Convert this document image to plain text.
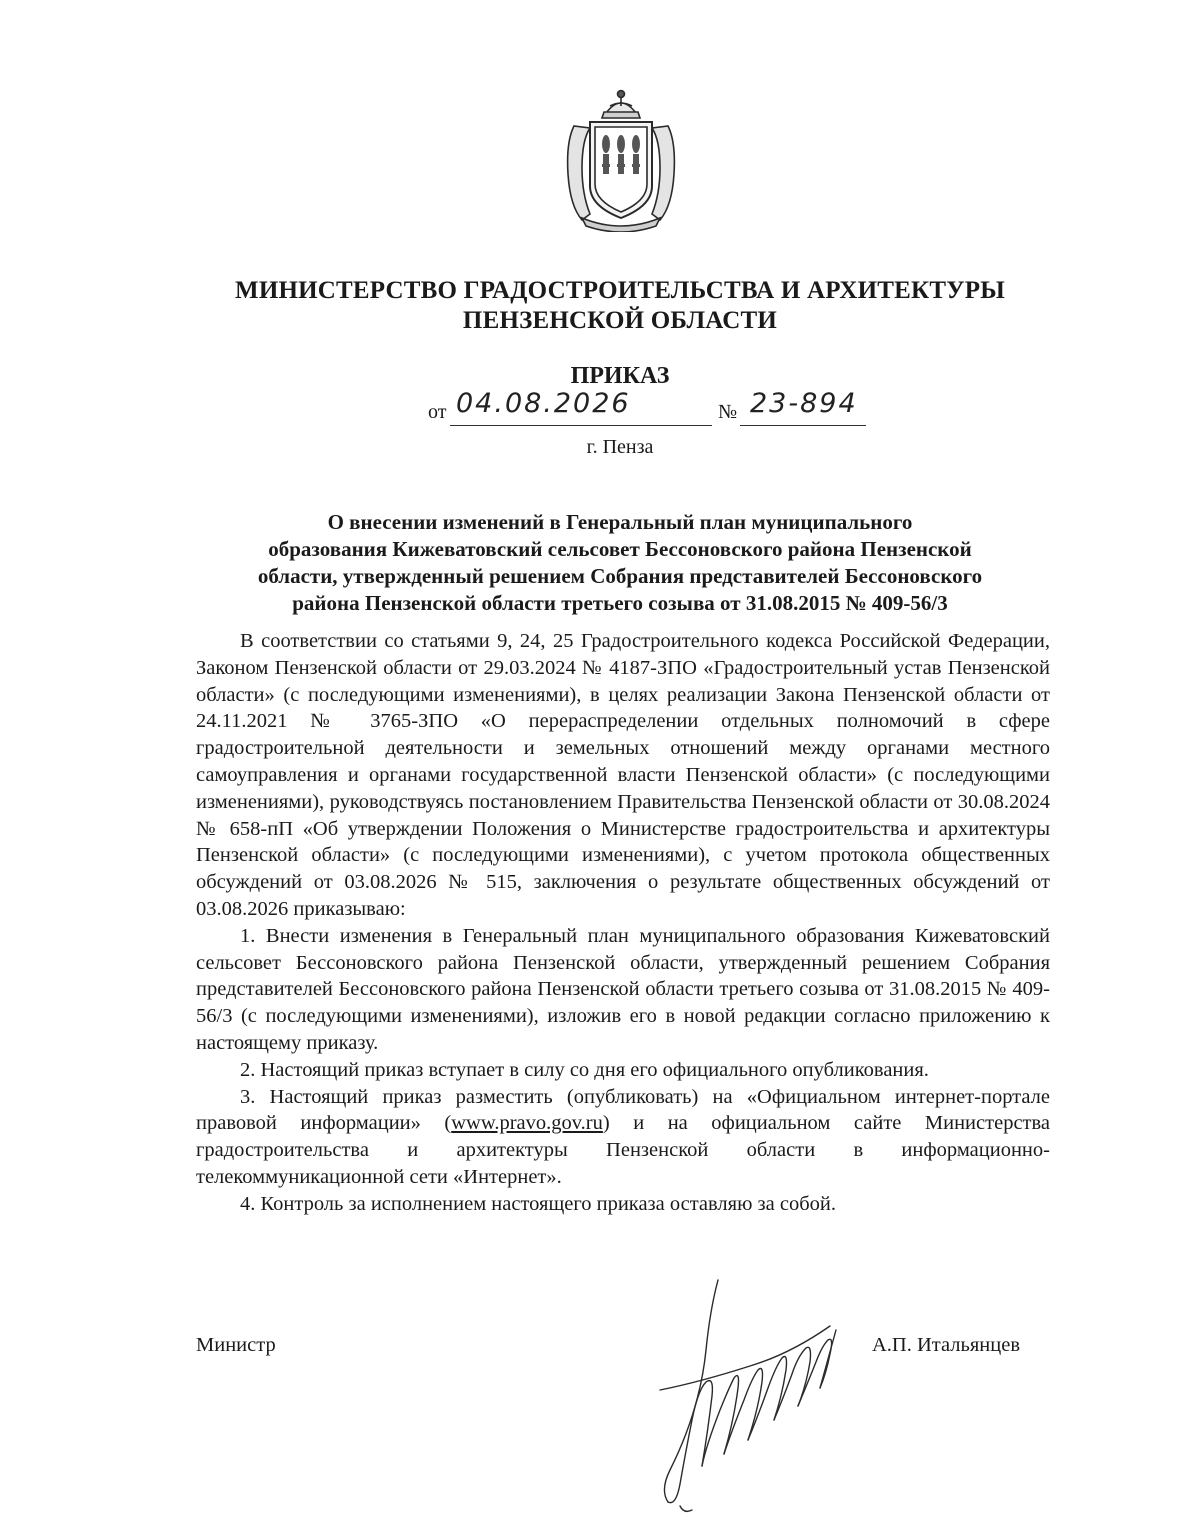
МИНИСТЕРСТВО ГРАДОСТРОИТЕЛЬСТВА И АРХИТЕКТУРЫ
ПЕНЗЕНСКОЙ ОБЛАСТИ
ПРИКАЗ
от 04.08.2026	№ 23-894
г. Пенза
О внесении изменений в Генеральный план муниципального
образования Кижеватовский сельсовет Бессоновского района Пензенской
области, утвержденный решением Собрания представителей Бессоновского
района Пензенской области третьего созыва от 31.08.2015 № 409-56/3

В соответствии со статьями 9, 24, 25 Градостроительного кодекса Российской Федерации, Законом Пензенской области от 29.03.2024 № 4187-ЗПО «Градостроительный устав Пензенской области» (с последующими изменениями), в целях реализации Закона Пензенской области от 24.11.2021 № 3765-ЗПО «О перераспределении отдельных полномочий в сфере градостроительной деятельности и земельных отношений между органами местного самоуправления и органами государственной власти Пензенской области» (с последующими изменениями), руководствуясь постановлением Правительства Пензенской области от 30.08.2024 № 658-пП «Об утверждении Положения о Министерстве градостроительства и архитектуры Пензенской области» (с последующими изменениями), с учетом протокола общественных обсуждений от 03.08.2026 № 515, заключения о результате общественных обсуждений от 03.08.2026 приказываю:

1. Внести изменения в Генеральный план муниципального образования Кижеватовский сельсовет Бессоновского района Пензенской области, утвержденный решением Собрания представителей Бессоновского района Пензенской области третьего созыва от 31.08.2015 № 409-56/3 (с последующими изменениями), изложив его в новой редакции согласно приложению к настоящему приказу.

2. Настоящий приказ вступает в силу со дня его официального опубликования.

3. Настоящий приказ разместить (опубликовать) на «Официальном интернет-портале правовой информации» (www.pravo.gov.ru) и на официальном сайте Министерства градостроительства и архитектуры Пензенской области в информационно-телекоммуникационной сети «Интернет».

4. Контроль за исполнением настоящего приказа оставляю за собой.

Министр	А.П. Итальянцев
